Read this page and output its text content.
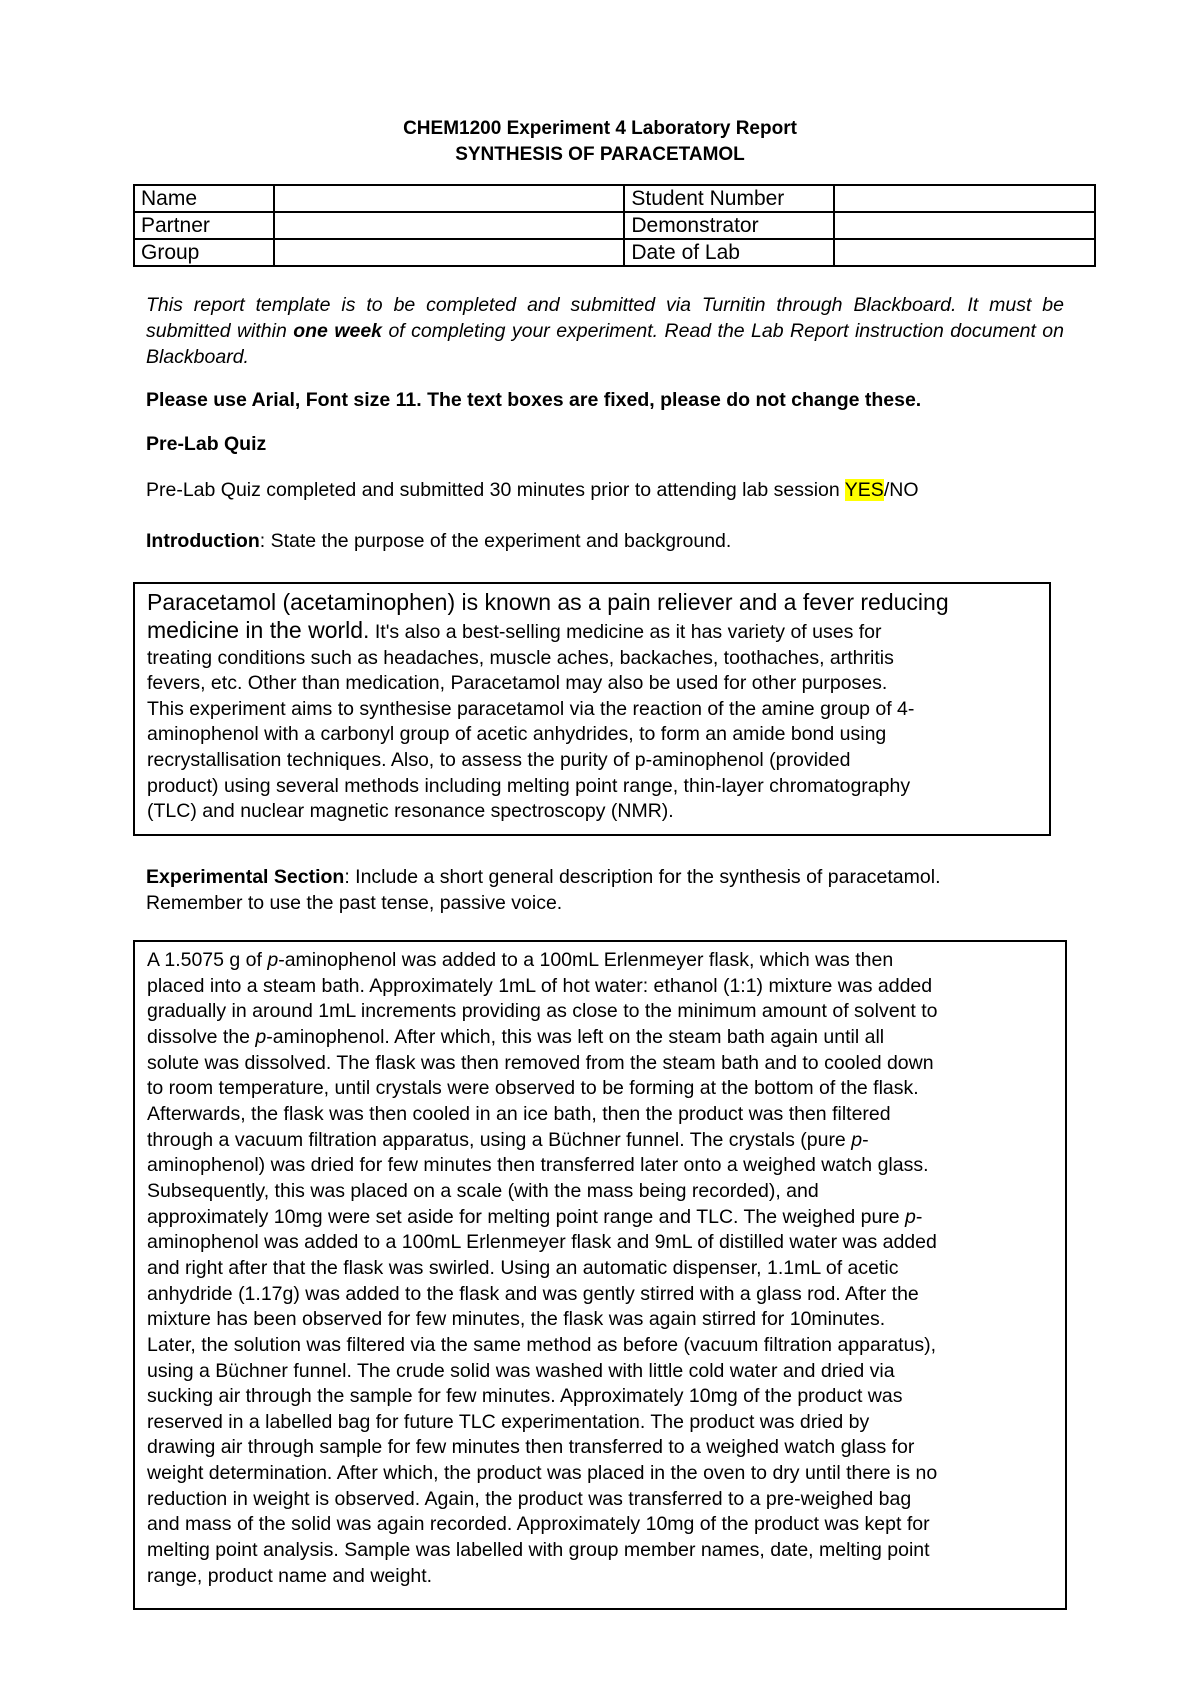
CHEM1200 Experiment 4 Laboratory Report
SYNTHESIS OF PARACETAMOL
Name		Student Number	
Partner		Demonstrator	
Group		Date of Lab	
This report template is to be completed and submitted via Turnitin through Blackboard. It must be submitted within one week of completing your experiment. Read the Lab Report instruction document on Blackboard.
Please use Arial, Font size 11. The text boxes are fixed, please do not change these.
Pre-Lab Quiz
Pre-Lab Quiz completed and submitted 30 minutes prior to attending lab session YES/NO
Introduction: State the purpose of the experiment and background.
Paracetamol (acetaminophen) is known as a pain reliever and a fever reducing
medicine in the world. It's also a best-selling medicine as it has variety of uses for
treating conditions such as headaches, muscle aches, backaches, toothaches, arthritis
fevers, etc. Other than medication, Paracetamol may also be used for other purposes.
This experiment aims to synthesise paracetamol via the reaction of the amine group of 4-
aminophenol with a carbonyl group of acetic anhydrides, to form an amide bond using
recrystallisation techniques. Also, to assess the purity of p-aminophenol (provided
product) using several methods including melting point range, thin-layer chromatography
(TLC) and nuclear magnetic resonance spectroscopy (NMR).
Experimental Section: Include a short general description for the synthesis of paracetamol.
Remember to use the past tense, passive voice.
A 1.5075 g of p-aminophenol was added to a 100mL Erlenmeyer flask, which was then
placed into a steam bath. Approximately 1mL of hot water: ethanol (1:1) mixture was added
gradually in around 1mL increments providing as close to the minimum amount of solvent to
dissolve the p-aminophenol. After which, this was left on the steam bath again until all
solute was dissolved. The flask was then removed from the steam bath and to cooled down
to room temperature, until crystals were observed to be forming at the bottom of the flask.
Afterwards, the flask was then cooled in an ice bath, then the product was then filtered
through a vacuum filtration apparatus, using a Büchner funnel. The crystals (pure p-
aminophenol) was dried for few minutes then transferred later onto a weighed watch glass.
Subsequently, this was placed on a scale (with the mass being recorded), and
approximately 10mg were set aside for melting point range and TLC. The weighed pure p-
aminophenol was added to a 100mL Erlenmeyer flask and 9mL of distilled water was added
and right after that the flask was swirled. Using an automatic dispenser, 1.1mL of acetic
anhydride (1.17g) was added to the flask and was gently stirred with a glass rod. After the
mixture has been observed for few minutes, the flask was again stirred for 10minutes.
Later, the solution was filtered via the same method as before (vacuum filtration apparatus),
using a Büchner funnel. The crude solid was washed with little cold water and dried via
sucking air through the sample for few minutes. Approximately 10mg of the product was
reserved in a labelled bag for future TLC experimentation. The product was dried by
drawing air through sample for few minutes then transferred to a weighed watch glass for
weight determination. After which, the product was placed in the oven to dry until there is no
reduction in weight is observed. Again, the product was transferred to a pre-weighed bag
and mass of the solid was again recorded. Approximately 10mg of the product was kept for
melting point analysis. Sample was labelled with group member names, date, melting point
range, product name and weight.
